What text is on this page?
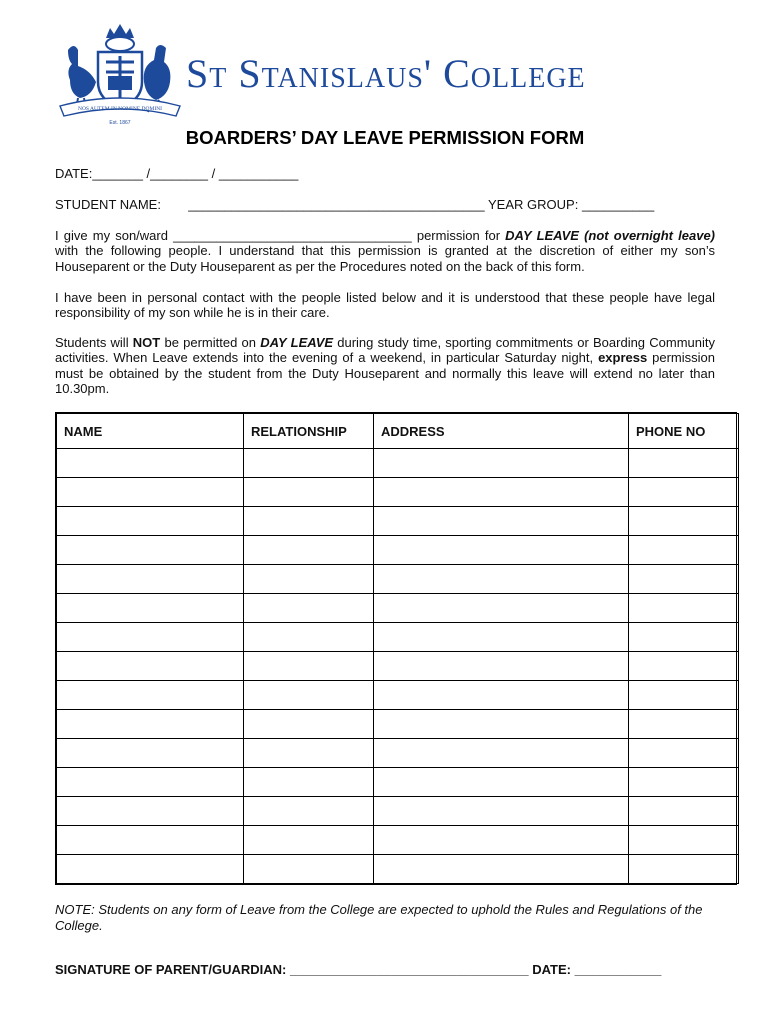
NOS AUTEM IN NOMINE DOMINI
Est. 1867
St Stanislaus' College
BOARDERS’ DAY LEAVE PERMISSION FORM
DATE:_______ /________ / ___________
STUDENT NAME: _________________________________________ YEAR GROUP: __________
I give my son/ward _________________________________ permission for DAY LEAVE (not overnight leave) with the following people. I understand that this permission is granted at the discretion of either my son’s Houseparent or the Duty Houseparent as per the Procedures noted on the back of this form.
I have been in personal contact with the people listed below and it is understood that these people have legal responsibility of my son while he is in their care.
Students will NOT be permitted on DAY LEAVE during study time, sporting commitments or Boarding Community activities. When Leave extends into the evening of a weekend, in particular Saturday night, express permission must be obtained by the student from the Duty Houseparent and normally this leave will extend no later than 10.30pm.
NAME	RELATIONSHIP	ADDRESS	PHONE NO

NOTE: Students on any form of Leave from the College are expected to uphold the Rules and Regulations of the College.
SIGNATURE OF PARENT/GUARDIAN: _________________________________ DATE: ____________
